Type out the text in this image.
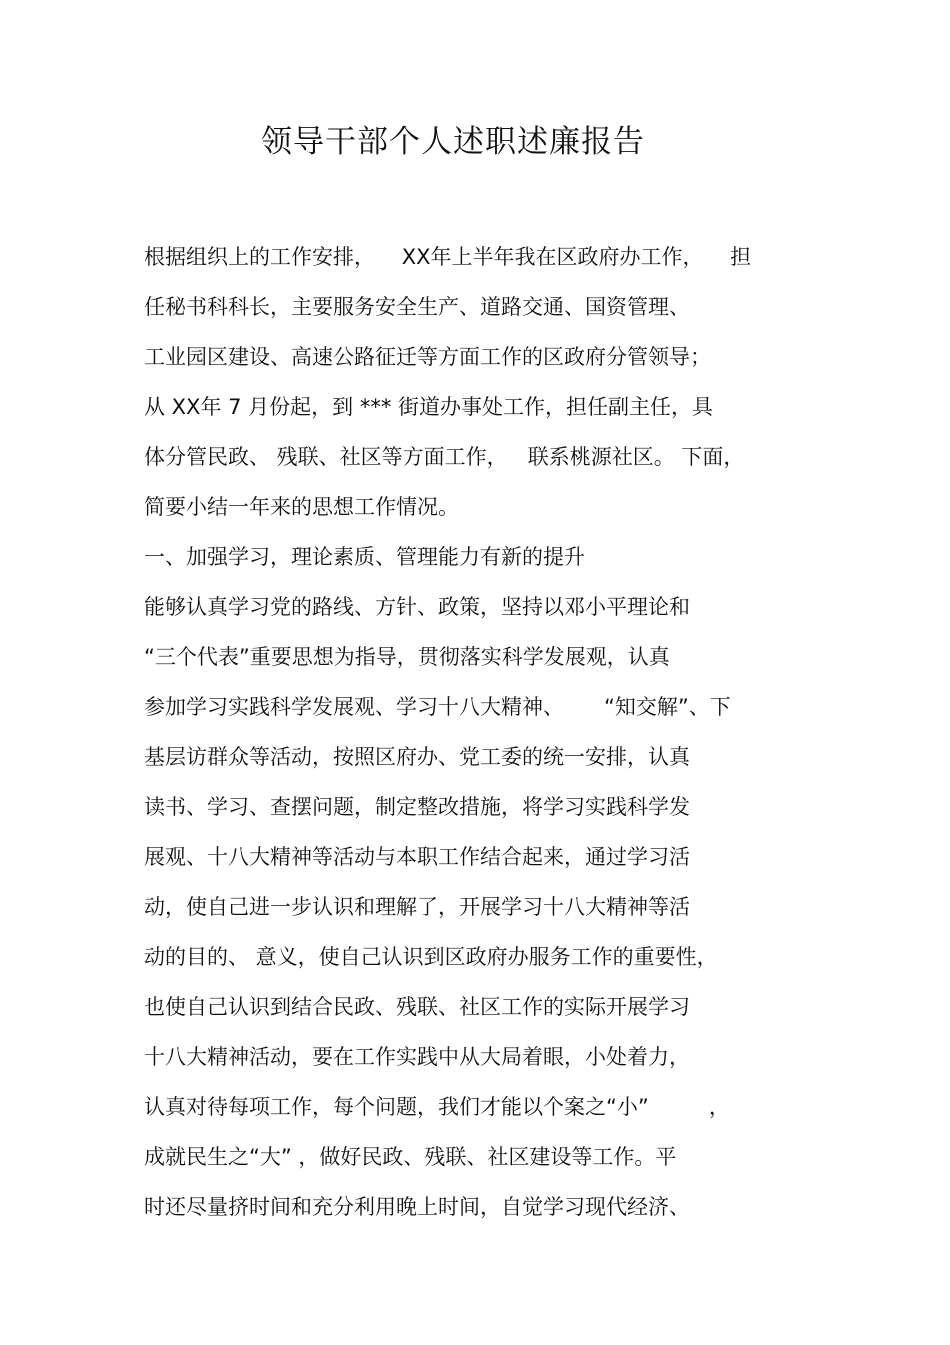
领导干部个人述职述廉报告
根据组织上的工作安排，    XX年上半年我在区政府办工作，    担
任秘书科科长，主要服务安全生产、道路交通、国资管理、
工业园区建设、高速公路征迁等方面工作的区政府分管领导；
从 XX年 7 月份起，到 *** 街道办事处工作，担任副主任，具
体分管民政、 残联、社区等方面工作，   联系桃源社区。 下面，
简要小结一年来的思想工作情况。
一、加强学习，理论素质、管理能力有新的提升
能够认真学习党的路线、方针、政策，坚持以邓小平理论和
“三个代表”重要思想为指导，贯彻落实科学发展观，认真
参加学习实践科学发展观、学习十八大精神、      “知交解”、下
基层访群众等活动，按照区府办、党工委的统一安排，认真
读书、学习、查摆问题，制定整改措施，将学习实践科学发
展观、十八大精神等活动与本职工作结合起来，通过学习活
动，使自己进一步认识和理解了，开展学习十八大精神等活
动的目的、 意义，使自己认识到区政府办服务工作的重要性，
也使自己认识到结合民政、残联、社区工作的实际开展学习
十八大精神活动，要在工作实践中从大局着眼，小处着力，
认真对待每项工作，每个问题，我们才能以个案之“小”         ，
成就民生之“大” ，做好民政、残联、社区建设等工作。平
时还尽量挤时间和充分利用晚上时间，自觉学习现代经济、
